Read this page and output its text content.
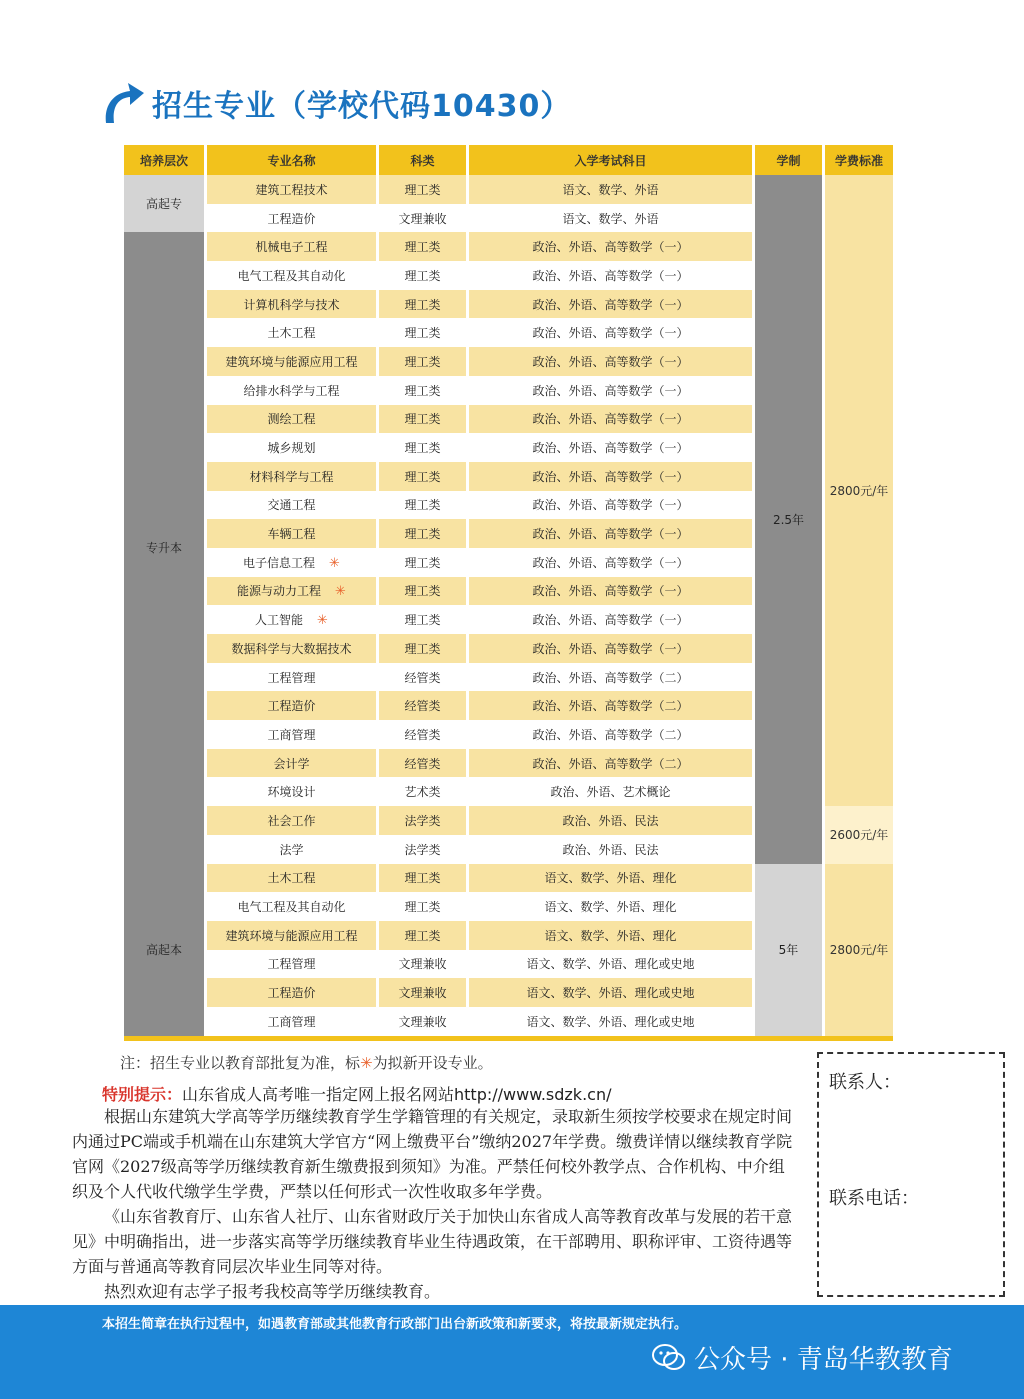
招生专业（学校代码10430）
培养层次	专业名称	科类	入学考试科目	学制	学费标准
高起专	建筑工程技术	理工类	语文、数学、外语	2.5年	2800元/年
	工程造价	文理兼收	语文、数学、外语		
专升本	机械电子工程	理工类	政治、外语、高等数学（一）		
	电气工程及其自动化	理工类	政治、外语、高等数学（一）		
	计算机科学与技术	理工类	政治、外语、高等数学（一）		
	土木工程	理工类	政治、外语、高等数学（一）		
	建筑环境与能源应用工程	理工类	政治、外语、高等数学（一）		
	给排水科学与工程	理工类	政治、外语、高等数学（一）		
	测绘工程	理工类	政治、外语、高等数学（一）		
	城乡规划	理工类	政治、外语、高等数学（一）		
	材料科学与工程	理工类	政治、外语、高等数学（一）		
	交通工程	理工类	政治、外语、高等数学（一）		
	车辆工程	理工类	政治、外语、高等数学（一）		
	电子信息工程 ✳	理工类	政治、外语、高等数学（一）		
	能源与动力工程 ✳	理工类	政治、外语、高等数学（一）		
	人工智能 ✳	理工类	政治、外语、高等数学（一）		
	数据科学与大数据技术	理工类	政治、外语、高等数学（一）		
	工程管理	经管类	政治、外语、高等数学（二）		
	工程造价	经管类	政治、外语、高等数学（二）		
	工商管理	经管类	政治、外语、高等数学（二）		
	会计学	经管类	政治、外语、高等数学（二）		
	环境设计	艺术类	政治、外语、艺术概论		
	社会工作	法学类	政治、外语、民法		2600元/年
	法学	法学类	政治、外语、民法		
高起本	土木工程	理工类	语文、数学、外语、理化	5年	2800元/年
	电气工程及其自动化	理工类	语文、数学、外语、理化		
	建筑环境与能源应用工程	理工类	语文、数学、外语、理化		
	工程管理	文理兼收	语文、数学、外语、理化或史地		
	工程造价	文理兼收	语文、数学、外语、理化或史地		
	工商管理	文理兼收	语文、数学、外语、理化或史地		
注：招生专业以教育部批复为准，标✳为拟新开设专业。
特别提示：山东省成人高考唯一指定网上报名网站http://www.sdzk.cn/

根据山东建筑大学高等学历继续教育学生学籍管理的有关规定，录取新生须按学校要求在规定时间内通过PC端或手机端在山东建筑大学官方“网上缴费平台”缴纳2027年学费。缴费详情以继续教育学院官网《2027级高等学历继续教育新生缴费报到须知》为准。严禁任何校外教学点、合作机构、中介组织及个人代收代缴学生学费，严禁以任何形式一次性收取多年学费。

《山东省教育厅、山东省人社厅、山东省财政厅关于加快山东省成人高等教育改革与发展的若干意见》中明确指出，进一步落实高等学历继续教育毕业生待遇政策，在干部聘用、职称评审、工资待遇等方面与普通高等教育同层次毕业生同等对待。

热烈欢迎有志学子报考我校高等学历继续教育。

联系人：
联系电话：
本招生简章在执行过程中，如遇教育部或其他教育行政部门出台新政策和新要求，将按最新规定执行。
公众号 · 青岛华教教育
